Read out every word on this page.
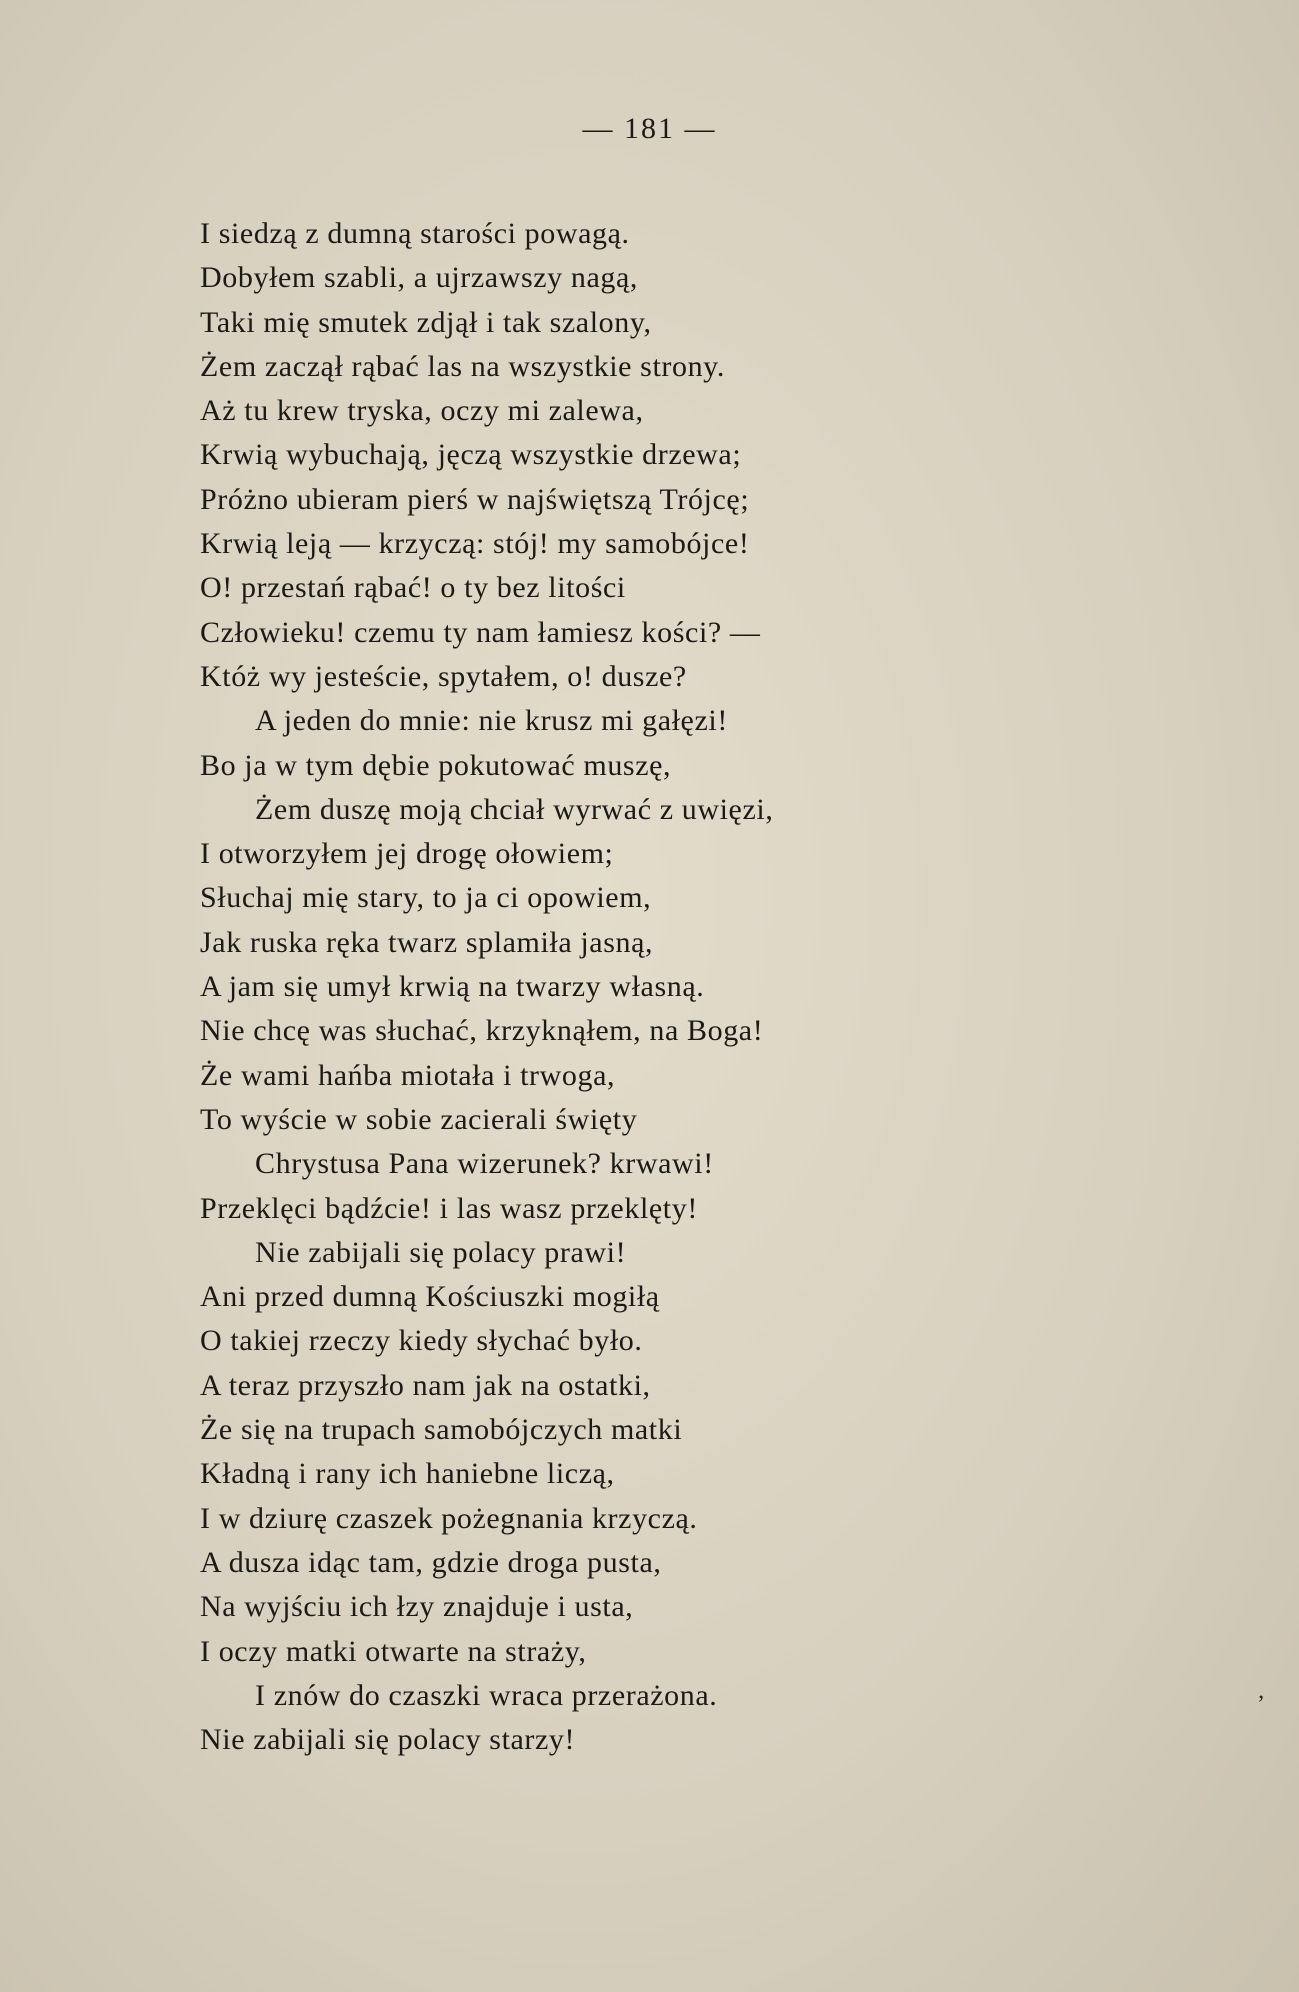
— 181 —
I siedzą z dumną starości powagą.
Dobyłem szabli, a ujrzawszy nagą,
Taki mię smutek zdjął i tak szalony,
Żem zaczął rąbać las na wszystkie strony.
Aż tu krew tryska, oczy mi zalewa,
Krwią wybuchają, jęczą wszystkie drzewa;
Próżno ubieram pierś w najświętszą Trójcę;
Krwią leją — krzyczą: stój! my samobójce!
O! przestań rąbać! o ty bez litości
Człowieku! czemu ty nam łamiesz kości? —
Któż wy jesteście, spytałem, o! dusze?
A jeden do mnie: nie krusz mi gałęzi!
Bo ja w tym dębie pokutować muszę,
Żem duszę moją chciał wyrwać z uwięzi,
I otworzyłem jej drogę ołowiem;
Słuchaj mię stary, to ja ci opowiem,
Jak ruska ręka twarz splamiła jasną,
A jam się umył krwią na twarzy własną.
Nie chcę was słuchać, krzyknąłem, na Boga!
Że wami hańba miotała i trwoga,
To wyście w sobie zacierali święty
Chrystusa Pana wizerunek? krwawi!
Przeklęci bądźcie! i las wasz przeklęty!
Nie zabijali się polacy prawi!
Ani przed dumną Kościuszki mogiłą
O takiej rzeczy kiedy słychać było.
A teraz przyszło nam jak na ostatki,
Że się na trupach samobójczych matki
Kładną i rany ich haniebne liczą,
I w dziurę czaszek pożegnania krzyczą.
A dusza idąc tam, gdzie droga pusta,
Na wyjściu ich łzy znajduje i usta,
I oczy matki otwarte na straży,
I znów do czaszki wraca przerażona.
Nie zabijali się polacy starzy!
‚
